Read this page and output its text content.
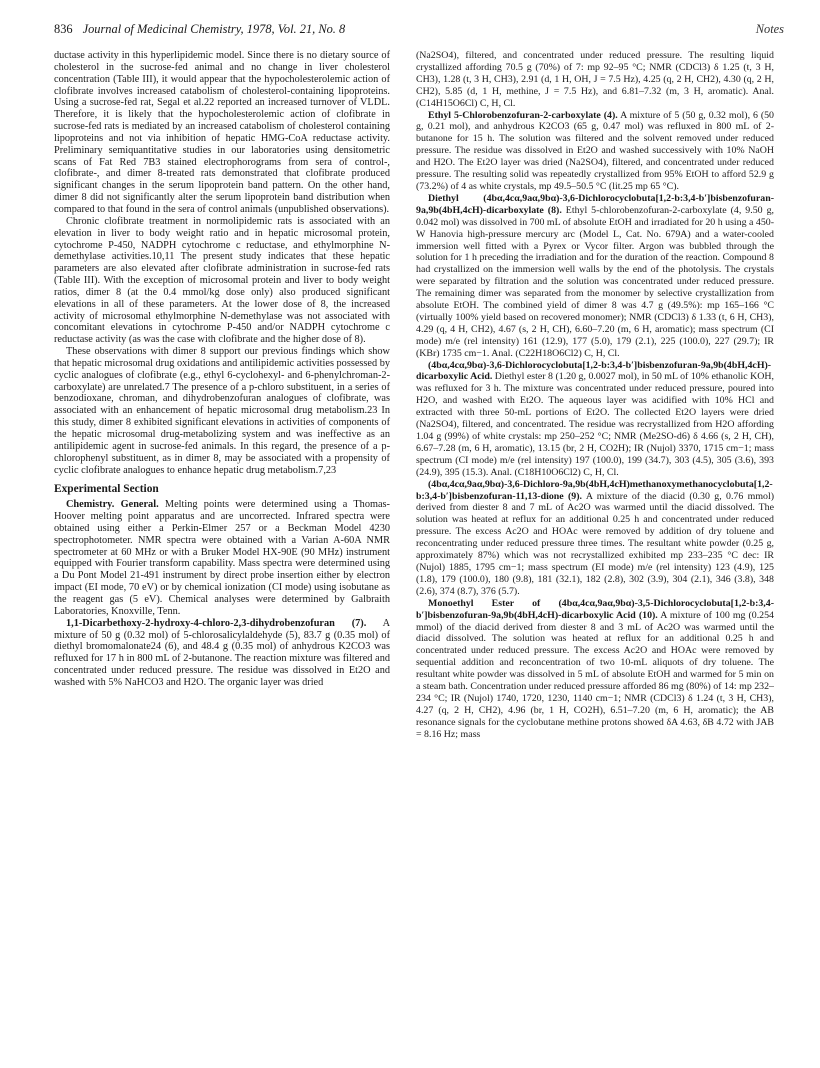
836 Journal of Medicinal Chemistry, 1978, Vol. 21, No. 8	Notes

ductase activity in this hyperlipidemic model. Since there is no dietary source of cholesterol in the sucrose-fed animal and no change in liver cholesterol concentration (Table III), it would appear that the hypocholesterolemic action of clofibrate involves increased catabolism of cholesterol-containing lipoproteins. Using a sucrose-fed rat, Segal et al.22 reported an increased turnover of VLDL. Therefore, it is likely that the hypocholesterolemic action of clofibrate in sucrose-fed rats is mediated by an increased catabolism of cholesterol containing lipoproteins and not via inhibition of hepatic HMG-CoA reductase activity. Preliminary semiquantitative studies in our laboratories using densitometric scans of Fat Red 7B3 stained electrophorograms from sera of control-, clofibrate-, and dimer 8-treated rats demonstrated that clofibrate produced significant changes in the serum lipoprotein band pattern. On the other hand, dimer 8 did not significantly alter the serum lipoprotein band distribution when compared to that found in the sera of control animals (unpublished observations).

Chronic clofibrate treatment in normolipidemic rats is associated with an elevation in liver to body weight ratio and in hepatic microsomal protein, cytochrome P-450, NADPH cytochrome c reductase, and ethylmorphine N-demethylase activities.10,11 The present study indicates that these hepatic parameters are also elevated after clofibrate administration in sucrose-fed rats (Table III). With the exception of microsomal protein and liver to body weight ratios, dimer 8 (at the 0.4 mmol/kg dose only) also produced significant elevations in all of these parameters. At the lower dose of 8, the increased activity of microsomal ethylmorphine N-demethylase was not associated with concomitant elevations in cytochrome P-450 and/or NADPH cytochrome c reductase activity (as was the case with clofibrate and the higher dose of 8).

These observations with dimer 8 support our previous findings which show that hepatic microsomal drug oxidations and antilipidemic activities possessed by cyclic analogues of clofibrate (e.g., ethyl 6-cyclohexyl- and 6-phenylchroman-2-carboxylate) are unrelated.7 The presence of a p-chloro substituent, in a series of benzodioxane, chroman, and dihydrobenzofuran analogues of clofibrate, was associated with an enhancement of hepatic microsomal drug metabolism.23 In this study, dimer 8 exhibited significant elevations in activities of components of the hepatic microsomal drug-metabolizing system and was ineffective as an antilipidemic agent in sucrose-fed animals. In this regard, the presence of a p-chlorophenyl substituent, as in dimer 8, may be associated with a propensity of cyclic clofibrate analogues to enhance hepatic drug metabolism.7,23

Experimental Section

Chemistry. General. Melting points were determined using a Thomas-Hoover melting point apparatus and are uncorrected. Infrared spectra were obtained using either a Perkin-Elmer 257 or a Beckman Model 4230 spectrophotometer. NMR spectra were obtained with a Varian A-60A NMR spectrometer at 60 MHz or with a Bruker Model HX-90E (90 MHz) instrument equipped with Fourier transform capability. Mass spectra were determined using a Du Pont Model 21-491 instrument by direct probe insertion either by electron impact (EI mode, 70 eV) or by chemical ionization (CI mode) using isobutane as the reagent gas (5 eV). Chemical analyses were determined by Galbraith Laboratories, Knoxville, Tenn.

1,1-Dicarbethoxy-2-hydroxy-4-chloro-2,3-dihydrobenzofuran (7). A mixture of 50 g (0.32 mol) of 5-chlorosalicylaldehyde (5), 83.7 g (0.35 mol) of diethyl bromomalonate24 (6), and 48.4 g (0.35 mol) of anhydrous K2CO3 was refluxed for 17 h in 800 mL of 2-butanone. The reaction mixture was filtered and concentrated under reduced pressure. The residue was dissolved in Et2O and washed with 5% NaHCO3 and H2O. The organic layer was dried

(Na2SO4), filtered, and concentrated under reduced pressure. The resulting liquid crystallized affording 70.5 g (70%) of 7: mp 92–95 °C; NMR (CDCl3) δ 1.25 (t, 3 H, CH3), 1.28 (t, 3 H, CH3), 2.91 (d, 1 H, OH, J = 7.5 Hz), 4.25 (q, 2 H, CH2), 4.30 (q, 2 H, CH2), 5.85 (d, 1 H, methine, J = 7.5 Hz), and 6.81–7.32 (m, 3 H, aromatic). Anal. (C14H15O6Cl) C, H, Cl.

Ethyl 5-Chlorobenzofuran-2-carboxylate (4). A mixture of 5 (50 g, 0.32 mol), 6 (50 g, 0.21 mol), and anhydrous K2CO3 (65 g, 0.47 mol) was refluxed in 800 mL of 2-butanone for 15 h. The solution was filtered and the solvent removed under reduced pressure. The residue was dissolved in Et2O and washed successively with 10% NaOH and H2O. The Et2O layer was dried (Na2SO4), filtered, and concentrated under reduced pressure. The resulting solid was repeatedly crystallized from 95% EtOH to afford 52.9 g (73.2%) of 4 as white crystals, mp 49.5–50.5 °C (lit.25 mp 65 °C).

Diethyl (4bα,4cα,9aα,9bα)-3,6-Dichlorocyclobuta[1,2-b:3,4-b′]bisbenzofuran-9a,9b(4bH,4cH)-dicarboxylate (8). Ethyl 5-chlorobenzofuran-2-carboxylate (4, 9.50 g, 0.042 mol) was dissolved in 700 mL of absolute EtOH and irradiated for 20 h using a 450-W Hanovia high-pressure mercury arc (Model L, Cat. No. 679A) and a water-cooled immersion well fitted with a Pyrex or Vycor filter. Argon was bubbled through the solution for 1 h preceding the irradiation and for the duration of the reaction. Compound 8 had crystallized on the immersion well walls by the end of the photolysis. The crystals were separated by filtration and the solution was concentrated under reduced pressure. The remaining dimer was separated from the monomer by selective crystallization from absolute EtOH. The combined yield of dimer 8 was 4.7 g (49.5%): mp 165–166 °C (virtually 100% yield based on recovered monomer); NMR (CDCl3) δ 1.33 (t, 6 H, CH3), 4.29 (q, 4 H, CH2), 4.67 (s, 2 H, CH), 6.60–7.20 (m, 6 H, aromatic); mass spectrum (CI mode) m/e (rel intensity) 161 (12.9), 177 (5.0), 179 (2.1), 225 (100.0), 227 (29.7); IR (KBr) 1735 cm−1. Anal. (C22H18O6Cl2) C, H, Cl.

(4bα,4cα,9bα)-3,6-Dichlorocyclobuta[1,2-b:3,4-b′]bisbenzofuran-9a,9b(4bH,4cH)-dicarboxylic Acid. Diethyl ester 8 (1.20 g, 0.0027 mol), in 50 mL of 10% ethanolic KOH, was refluxed for 3 h. The mixture was concentrated under reduced pressure, poured into H2O, and washed with Et2O. The aqueous layer was acidified with 10% HCl and extracted with three 50-mL portions of Et2O. The collected Et2O layers were dried (Na2SO4), filtered, and concentrated. The residue was recrystallized from H2O affording 1.04 g (99%) of white crystals: mp 250–252 °C; NMR (Me2SO-d6) δ 4.66 (s, 2 H, CH), 6.67–7.28 (m, 6 H, aromatic), 13.15 (br, 2 H, CO2H); IR (Nujol) 3370, 1715 cm−1; mass spectrum (CI mode) m/e (rel intensity) 197 (100.0), 199 (34.7), 303 (4.5), 305 (3.6), 393 (24.9), 395 (15.3). Anal. (C18H10O6Cl2) C, H, Cl.

(4bα,4cα,9aα,9bα)-3,6-Dichloro-9a,9b(4bH,4cH)methanoxymethanocyclobuta[1,2-b:3,4-b′]bisbenzofuran-11,13-dione (9). A mixture of the diacid (0.30 g, 0.76 mmol) derived from diester 8 and 7 mL of Ac2O was warmed until the diacid dissolved. The solution was heated at reflux for an additional 0.25 h and concentrated under reduced pressure. The excess Ac2O and HOAc were removed by addition of dry toluene and reconcentrating under reduced pressure three times. The resultant white powder (0.25 g, approximately 87%) which was not recrystallized exhibited mp 233–235 °C dec: IR (Nujol) 1885, 1795 cm−1; mass spectrum (EI mode) m/e (rel intensity) 123 (4.9), 125 (1.8), 179 (100.0), 180 (9.8), 181 (32.1), 182 (2.8), 302 (3.9), 304 (2.1), 346 (3.8), 348 (2.6), 374 (8.7), 376 (5.7).

Monoethyl Ester of (4bα,4cα,9aα,9bα)-3,5-Dichlorocyclobuta[1,2-b:3,4-b′]bisbenzofuran-9a,9b(4bH,4cH)-dicarboxylic Acid (10). A mixture of 100 mg (0.254 mmol) of the diacid derived from diester 8 and 3 mL of Ac2O was warmed until the diacid dissolved. The solution was heated at reflux for an additional 0.25 h and concentrated under reduced pressure. The excess Ac2O and HOAc were removed by sequential addition and reconcentration of two 10-mL aliquots of dry toluene. The resultant white powder was dissolved in 5 mL of absolute EtOH and warmed for 5 min on a steam bath. Concentration under reduced pressure afforded 86 mg (80%) of 14: mp 232–234 °C; IR (Nujol) 1740, 1720, 1230, 1140 cm−1; NMR (CDCl3) δ 1.24 (t, 3 H, CH3), 4.27 (q, 2 H, CH2), 4.96 (br, 1 H, CO2H), 6.51–7.20 (m, 6 H, aromatic); the AB resonance signals for the cyclobutane methine protons showed δA 4.63, δB 4.72 with JAB = 8.16 Hz; mass
